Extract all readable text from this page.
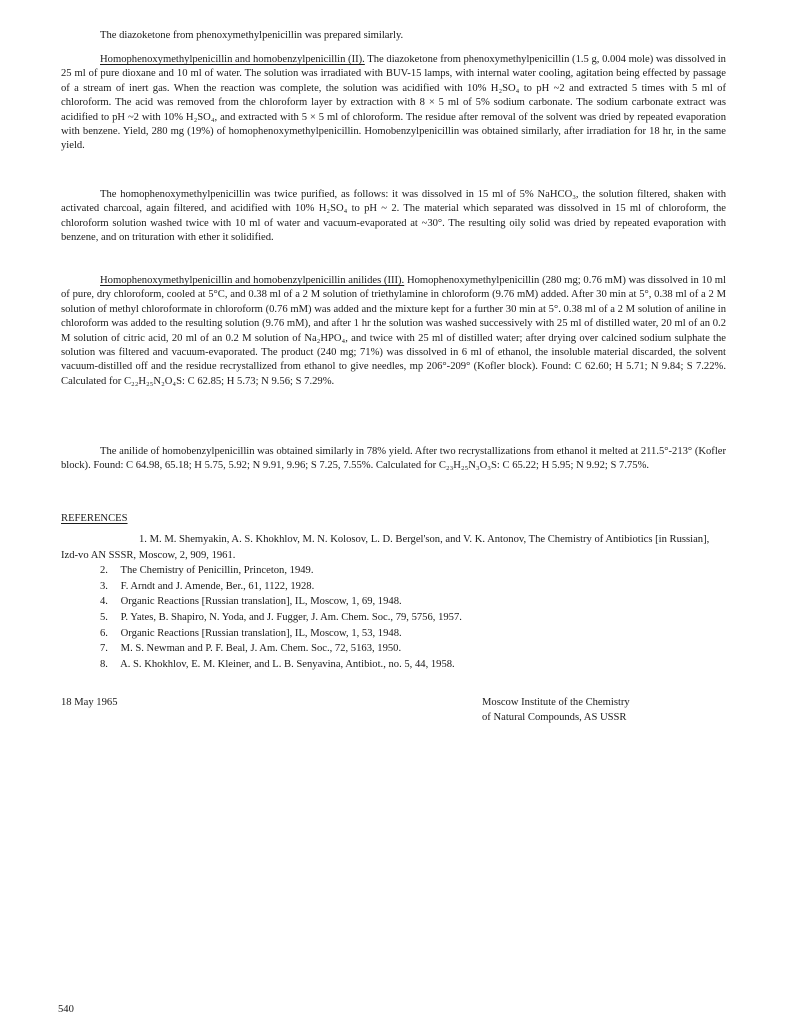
The diazoketone from phenoxymethylpenicillin was prepared similarly.

Homophenoxymethylpenicillin and homobenzylpenicillin (II). The diazoketone from phenoxymethylpenicillin (1.5 g, 0.004 mole) was dissolved in 25 ml of pure dioxane and 10 ml of water. The solution was irradiated with BUV-15 lamps, with internal water cooling, agitation being effected by passage of a stream of inert gas. When the reaction was complete, the solution was acidified with 10% H₂SO₄ to pH ~2 and extracted 5 times with 5 ml of chloroform. The acid was removed from the chloroform layer by extraction with 8 × 5 ml of 5% sodium carbonate. The sodium carbonate extract was acidified to pH ~2 with 10% H₂SO₄, and extracted with 5 × 5 ml of chloroform. The residue after removal of the solvent was dried by repeated evaporation with benzene. Yield, 280 mg (19%) of homophenoxymethylpenicillin. Homobenzylpenicillin was obtained similarly, after irradiation for 18 hr, in the same yield.

The homophenoxymethylpenicillin was twice purified, as follows: it was dissolved in 15 ml of 5% NaHCO₃, the solution filtered, shaken with activated charcoal, again filtered, and acidified with 10% H₂SO₄ to pH ~ 2. The material which separated was dissolved in 15 ml of chloroform, the chloroform solution washed twice with 10 ml of water and vacuum-evaporated at ~30°. The resulting oily solid was dried by repeated evaporation with benzene, and on trituration with ether it solidified.

Homophenoxymethylpenicillin and homobenzylpenicillin anilides (III). Homophenoxymethylpenicillin (280 mg; 0.76 mM) was dissolved in 10 ml of pure, dry chloroform, cooled at 5°C, and 0.38 ml of a 2 M solution of triethylamine in chloroform (9.76 mM) added. After 30 min at 5°, 0.38 ml of a 2 M solution of methyl chloroformate in chloroform (0.76 mM) was added and the mixture kept for a further 30 min at 5°. 0.38 ml of a 2 M solution of aniline in chloroform was added to the resulting solution (9.76 mM), and after 1 hr the solution was washed successively with 25 ml of distilled water, 20 ml of an 0.2 M solution of citric acid, 20 ml of an 0.2 M solution of Na₂HPO₄, and twice with 25 ml of distilled water; after drying over calcined sodium sulphate the solution was filtered and vacuum-evaporated. The product (240 mg; 71%) was dissolved in 6 ml of ethanol, the insoluble material discarded, the solvent vacuum-distilled off and the residue recrystallized from ethanol to give needles, mp 206°-209° (Kofler block). Found: C 62.60; H 5.71; N 9.84; S 7.22%. Calculated for C₂₂H₂₅N₂O₄S: C 62.85; H 5.73; N 9.56; S 7.29%.

The anilide of homobenzylpenicillin was obtained similarly in 78% yield. After two recrystallizations from ethanol it melted at 211.5°-213° (Kofler block). Found: C 64.98, 65.18; H 5.75, 5.92; N 9.91, 9.96; S 7.25, 7.55%. Calculated for C₂₃H₂₅N₃O₃S: C 65.22; H 5.95; N 9.92; S 7.75%.

REFERENCES
1. M. M. Shemyakin, A. S. Khokhlov, M. N. Kolosov, L. D. Bergel'son, and V. K. Antonov, The Chemistry of Antibiotics [in Russian], Izd-vo AN SSSR, Moscow, 2, 909, 1961.
2. The Chemistry of Penicillin, Princeton, 1949.
3. F. Arndt and J. Amende, Ber., 61, 1122, 1928.
4. Organic Reactions [Russian translation], IL, Moscow, 1, 69, 1948.
5. P. Yates, B. Shapiro, N. Yoda, and J. Fugger, J. Am. Chem. Soc., 79, 5756, 1957.
6. Organic Reactions [Russian translation], IL, Moscow, 1, 53, 1948.
7. M. S. Newman and P. F. Beal, J. Am. Chem. Soc., 72, 5163, 1950.
8. A. S. Khokhlov, E. M. Kleiner, and L. B. Senyavina, Antibiot., no. 5, 44, 1958.
18 May 1965	Moscow Institute of the Chemistry
of Natural Compounds, AS USSR
540
